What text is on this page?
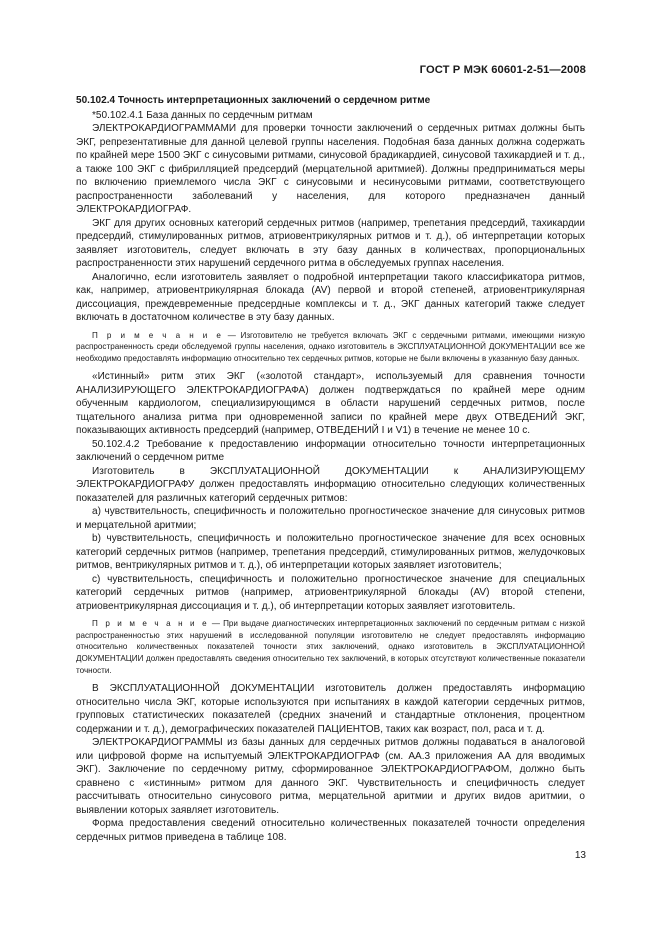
ГОСТ Р МЭК 60601-2-51—2008

50.102.4 Точность интерпретационных заключений о сердечном ритме

*50.102.4.1 База данных по сердечным ритмам

ЭЛЕКТРОКАРДИОГРАММАМИ для проверки точности заключений о сердечных ритмах должны быть ЭКГ, репрезентативные для данной целевой группы населения. Подобная база данных должна содержать по крайней мере 1500 ЭКГ с синусовыми ритмами, синусовой брадикардией, синусовой тахикардией и т. д., а также 100 ЭКГ с фибрилляцией предсердий (мерцательной аритмией). Должны предприниматься меры по включению приемлемого числа ЭКГ с синусовыми и несинусовыми ритмами, соответствующего распространенности заболеваний у населения, для которого предназначен данный ЭЛЕКТРОКАРДИОГРАФ.

ЭКГ для других основных категорий сердечных ритмов (например, трепетания предсердий, тахикардии предсердий, стимулированных ритмов, атриовентрикулярных ритмов и т. д.), об интерпретации которых заявляет изготовитель, следует включать в эту базу данных в количествах, пропорциональных распространенности этих нарушений сердечного ритма в обследуемых группах населения.

Аналогично, если изготовитель заявляет о подробной интерпретации такого классификатора ритмов, как, например, атриовентрикулярная блокада (AV) первой и второй степеней, атриовентрикулярная диссоциация, преждевременные предсердные комплексы и т. д., ЭКГ данных категорий также следует включать в достаточном количестве в эту базу данных.

П р и м е ч а н и е — Изготовителю не требуется включать ЭКГ с сердечными ритмами, имеющими низкую распространенность среди обследуемой группы населения, однако изготовитель в ЭКСПЛУАТАЦИОННОЙ ДОКУМЕНТАЦИИ все же необходимо предоставлять информацию относительно тех сердечных ритмов, которые не были включены в указанную базу данных.

«Истинный» ритм этих ЭКГ («золотой стандарт», используемый для сравнения точности АНАЛИЗИРУЮЩЕГО ЭЛЕКТРОКАРДИОГРАФА) должен подтверждаться по крайней мере одним обученным кардиологом, специализирующимся в области нарушений сердечных ритмов, после тщательного анализа ритма при одновременной записи по крайней мере двух ОТВЕДЕНИЙ ЭКГ, показывающих активность предсердий (например, ОТВЕДЕНИЙ I и V1) в течение не менее 10 с.

50.102.4.2 Требование к предоставлению информации относительно точности интерпретационных заключений о сердечном ритме

Изготовитель в ЭКСПЛУАТАЦИОННОЙ ДОКУМЕНТАЦИИ к АНАЛИЗИРУЮЩЕМУ ЭЛЕКТРОКАРДИОГРАФУ должен предоставлять информацию относительно следующих количественных показателей для различных категорий сердечных ритмов:

a) чувствительность, специфичность и положительно прогностическое значение для синусовых ритмов и мерцательной аритмии;

b) чувствительность, специфичность и положительно прогностическое значение для всех основных категорий сердечных ритмов (например, трепетания предсердий, стимулированных ритмов, желудочковых ритмов, вентрикулярных ритмов и т. д.), об интерпретации которых заявляет изготовитель;

c) чувствительность, специфичность и положительно прогностическое значение для специальных категорий сердечных ритмов (например, атриовентрикулярной блокады (AV) второй степени, атриовентрикулярная диссоциация и т. д.), об интерпретации которых заявляет изготовитель.

П р и м е ч а н и е — При выдаче диагностических интерпретационных заключений по сердечным ритмам с низкой распространенностью этих нарушений в исследованной популяции изготовителю не следует предоставлять информацию относительно количественных показателей точности этих заключений, однако изготовитель в ЭКСПЛУАТАЦИОННОЙ ДОКУМЕНТАЦИИ должен предоставлять сведения относительно тех заключений, в которых отсутствуют количественные показатели точности.

В ЭКСПЛУАТАЦИОННОЙ ДОКУМЕНТАЦИИ изготовитель должен предоставлять информацию относительно числа ЭКГ, которые используются при испытаниях в каждой категории сердечных ритмов, групповых статистических показателей (средних значений и стандартные отклонения, процентном содержании и т. д.), демографических показателей ПАЦИЕНТОВ, таких как возраст, пол, раса и т. д.

ЭЛЕКТРОКАРДИОГРАММЫ из базы данных для сердечных ритмов должны подаваться в аналоговой или цифровой форме на испытуемый ЭЛЕКТРОКАРДИОГРАФ (см. АА.3 приложения АА для вводимых ЭКГ). Заключение по сердечному ритму, сформированное ЭЛЕКТРОКАРДИОГРАФОМ, должно быть сравнено с «истинным» ритмом для данного ЭКГ. Чувствительность и специфичность следует рассчитывать относительно синусового ритма, мерцательной аритмии и других видов аритмии, о выявлении которых заявляет изготовитель.

Форма предоставления сведений относительно количественных показателей точности определения сердечных ритмов приведена в таблице 108.

13
